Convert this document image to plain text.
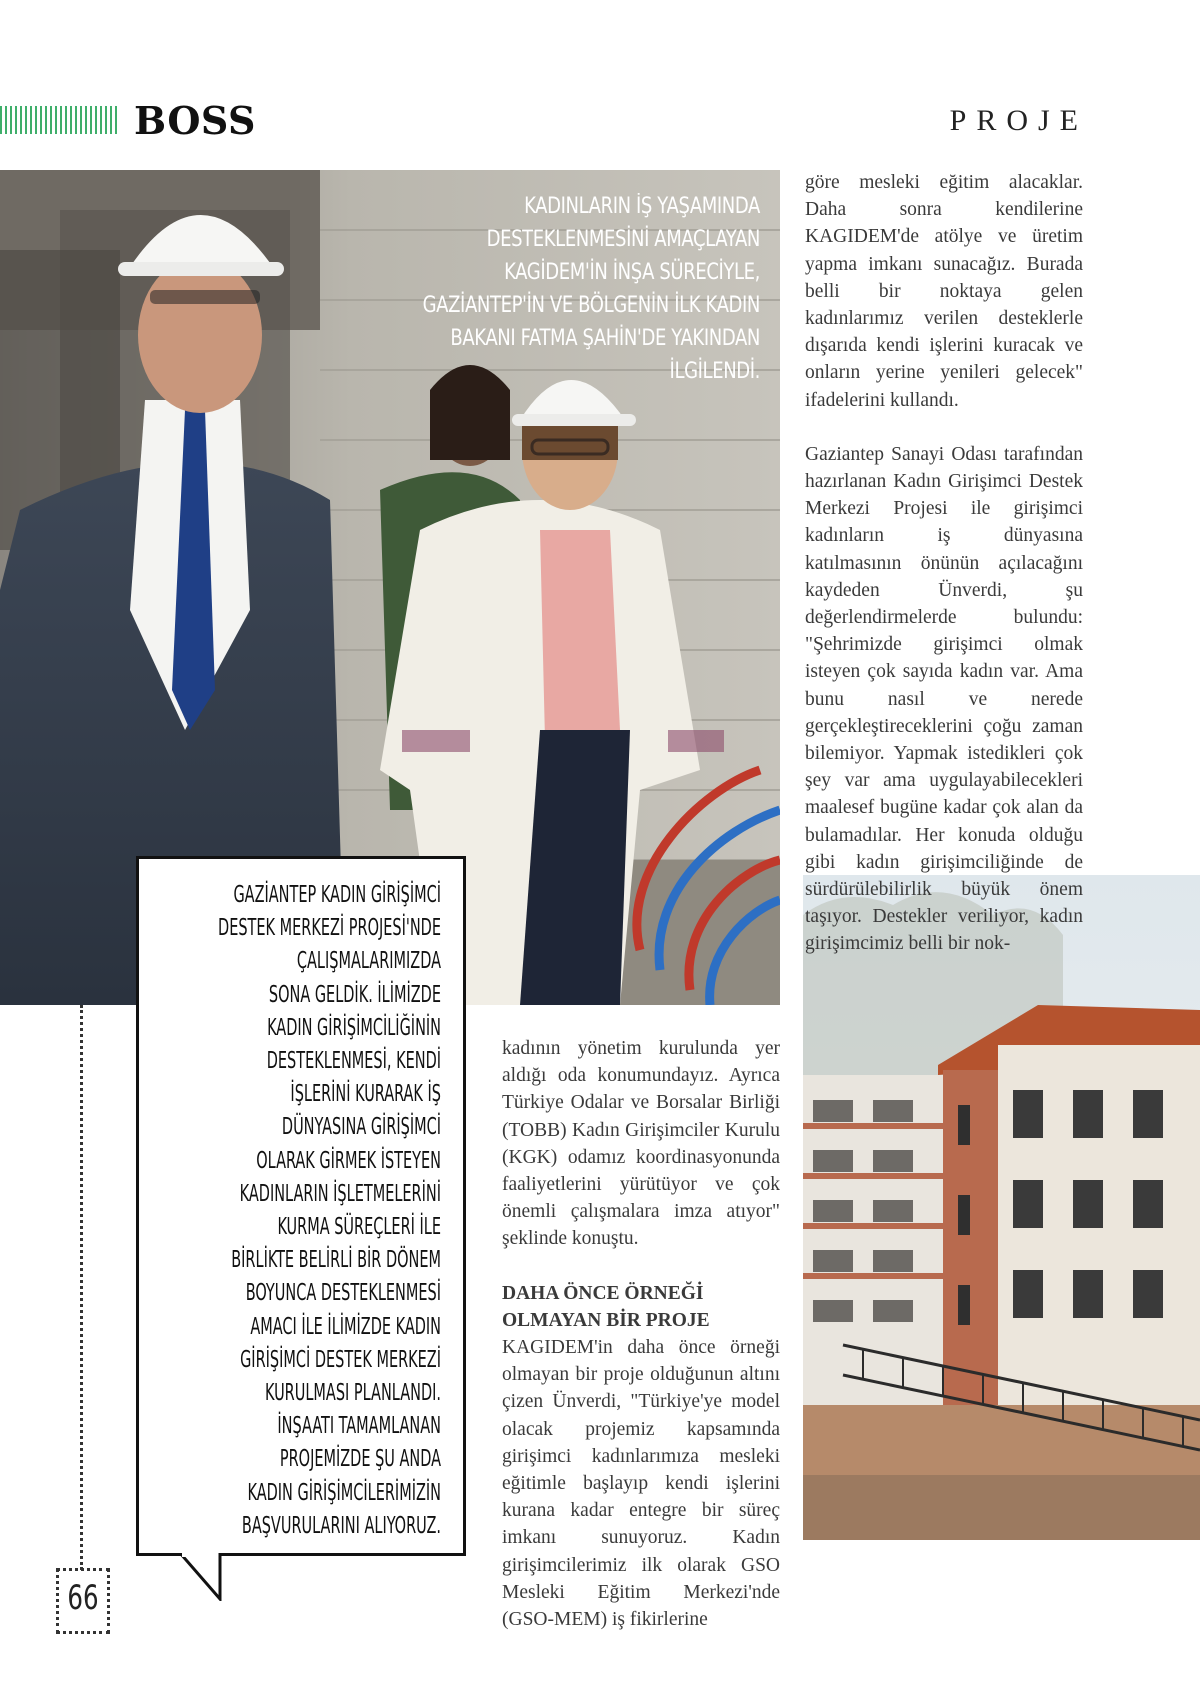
BOSS	PROJE
KADINLARIN İŞ YAŞAMINDA DESTEKLENMESİNİ AMAÇLAYAN KAGİDEM'İN İNŞA SÜRECİYLE, GAZİANTEP'İN VE BÖLGENİN İLK KADIN BAKANI FATMA ŞAHİN'DE YAKINDAN İLGİLENDİ.
66
GAZİANTEP KADIN GİRİŞİMCİ
DESTEK MERKEZİ PROJESİ'NDE
ÇALIŞMALARIMIZDA
SONA GELDİK. İLİMİZDE
KADIN GİRİŞİMCİLİĞİNİN
DESTEKLENMESİ, KENDİ
İŞLERİNİ KURARAK İŞ
DÜNYASINA GİRİŞİMCİ
OLARAK GİRMEK İSTEYEN
KADINLARIN İŞLETMELERİNİ
KURMA SÜREÇLERİ İLE
BİRLİKTE BELİRLİ BİR DÖNEM
BOYUNCA DESTEKLENMESİ
AMACI İLE İLİMİZDE KADIN
GİRİŞİMCİ DESTEK MERKEZİ
KURULMASI PLANLANDI.
İNŞAATI TAMAMLANAN
PROJEMİZDE ŞU ANDA
KADIN GİRİŞİMCİLERİMİZİN
BAŞVURULARINI ALIYORUZ.

göre mesleki eğitim alacaklar. Daha sonra kendilerine KAGIDEM'de atölye ve üretim yapma imkanı sunacağız. Burada belli bir noktaya gelen kadınlarımız verilen desteklerle dışarıda kendi işlerini kuracak ve onların yerine yenileri gelecek" ifadelerini kullandı.

Gaziantep Sanayi Odası tarafından hazırlanan Kadın Girişimci Destek Merkezi Projesi ile girişimci kadınların iş dünyasına katılmasının önünün açılacağını kaydeden Ünverdi, şu değerlendirmelerde bulundu: "Şehrimizde girişimci olmak isteyen çok sayıda kadın var. Ama bunu nasıl ve nerede gerçekleştireceklerini çoğu zaman bilemiyor. Yapmak istedikleri çok şey var ama uygulayabilecekleri maalesef bugüne kadar çok alan da bulamadılar. Her konuda olduğu gibi kadın girişimciliğinde de sürdürülebilirlik büyük önem taşıyor. Destekler veriliyor, kadın girişimcimiz belli bir nok-

kadının yönetim kurulunda yer aldığı oda konumundayız. Ayrıca Türkiye Odalar ve Borsalar Birliği (TOBB) Kadın Girişimciler Kurulu (KGK) odamız koordinasyonunda faaliyetlerini yürütüyor ve çok önemli çalışmalara imza atıyor" şeklinde konuştu.

DAHA ÖNCE ÖRNEĞİ OLMAYAN BİR PROJE

KAGIDEM'in daha önce örneği olmayan bir proje olduğunun altını çizen Ünverdi, "Türkiye'ye model olacak projemiz kapsamında girişimci kadınlarımıza mesleki eğitimle başlayıp kendi işlerini kurana kadar entegre bir süreç imkanı sunuyoruz. Kadın girişimcilerimiz ilk olarak GSO Mesleki Eğitim Merkezi'nde (GSO-MEM) iş fikirlerine
